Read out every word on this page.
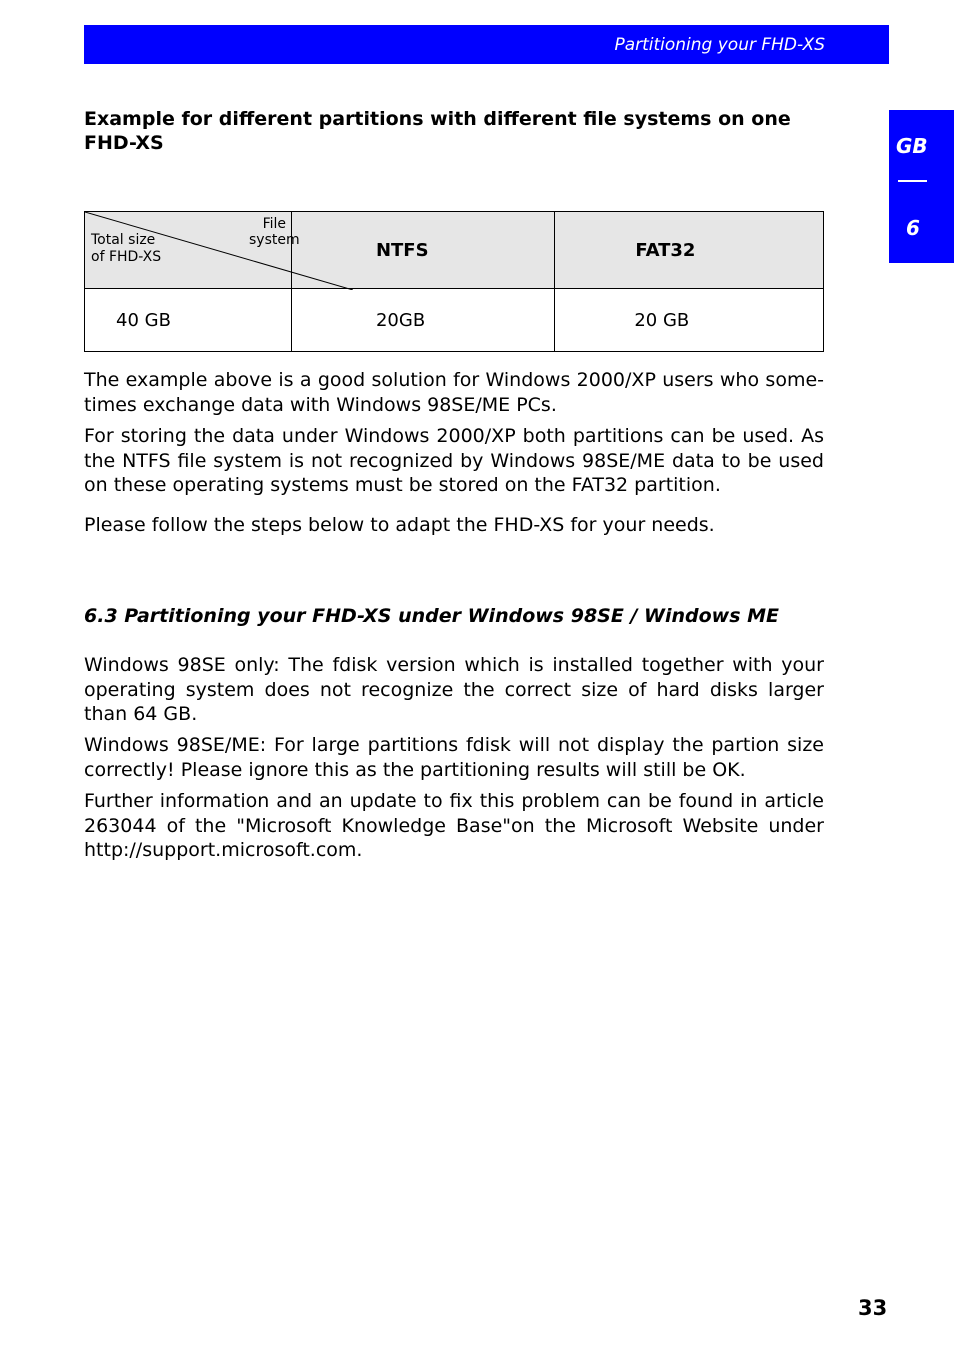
Partitioning your FHD-XS
GB
6
Example for different partitions with different file systems on one FHD-XS
File system
Total size
of FHD-XS	NTFS	FAT32
40 GB	20GB	20 GB

The example above is a good solution for Windows 2000/XP users who some-times exchange data with Windows 98SE/ME PCs.

For storing the data under Windows 2000/XP both partitions can be used. As the NTFS file system is not recognized by Windows 98SE/ME data to be used on these operating systems must be stored on the FAT32 partition.

Please follow the steps below to adapt the FHD-XS for your needs.

6.3 Partitioning your FHD-XS under Windows 98SE / Windows ME

Windows 98SE only: The fdisk version which is installed together with your operating system does not recognize the correct size of hard disks larger than 64 GB.

Windows 98SE/ME: For large partitions fdisk will not display the partion size correctly! Please ignore this as the partitioning results will still be OK.

Further information and an update to fix this problem can be found in article 263044 of the "Microsoft Knowledge Base"on the Microsoft Website under http://support.microsoft.com.

33
